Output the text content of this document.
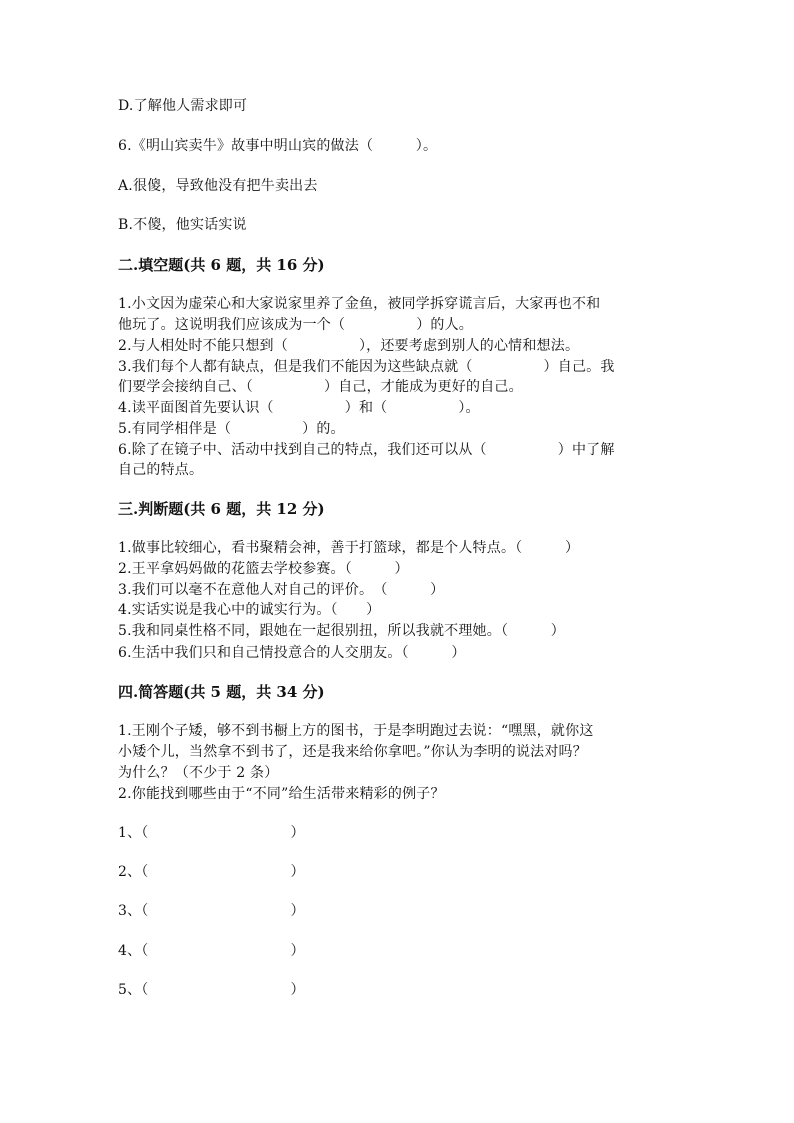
D.了解他人需求即可
6.《明山宾卖牛》故事中明山宾的做法（　　　）。
A.很傻，导致他没有把牛卖出去
B.不傻，他实话实说
二.填空题(共 6 题，共 16 分)
1.小文因为虚荣心和大家说家里养了金鱼，被同学拆穿谎言后，大家再也不和
他玩了。这说明我们应该成为一个（　　　　　）的人。
2.与人相处时不能只想到（　　　　　），还要考虑到别人的心情和想法。
3.我们每个人都有缺点，但是我们不能因为这些缺点就（　　　　　）自己。我
们要学会接纳自己、（　　　　　）自己，才能成为更好的自己。
4.读平面图首先要认识（　　　　　）和（　　　　　）。
5.有同学相伴是（　　　　　）的。
6.除了在镜子中、活动中找到自己的特点，我们还可以从（　　　　　）中了解
自己的特点。
三.判断题(共 6 题，共 12 分)
1.做事比较细心，看书聚精会神，善于打篮球，都是个人特点。（　　　）
2.王平拿妈妈做的花篮去学校参赛。（　　　）
3.我们可以毫不在意他人对自己的评价。　（　　　）
4.实话实说是我心中的诚实行为。（　　）
5.我和同桌性格不同，跟她在一起很别扭，所以我就不理她。（　　　）
6.生活中我们只和自己情投意合的人交朋友。（　　　）
四.简答题(共 5 题，共 34 分)
1.王刚个子矮，够不到书橱上方的图书，于是李明跑过去说：“嘿黑，就你这
小矮个儿，当然拿不到书了，还是我来给你拿吧。”你认为李明的说法对吗？
为什么？（不少于 2 条）
2.你能找到哪些由于“不同”给生活带来精彩的例子？
1、（　　　　　　　　　　）
2、（　　　　　　　　　　）
3、（　　　　　　　　　　）
4、（　　　　　　　　　　）
5、（　　　　　　　　　　）
